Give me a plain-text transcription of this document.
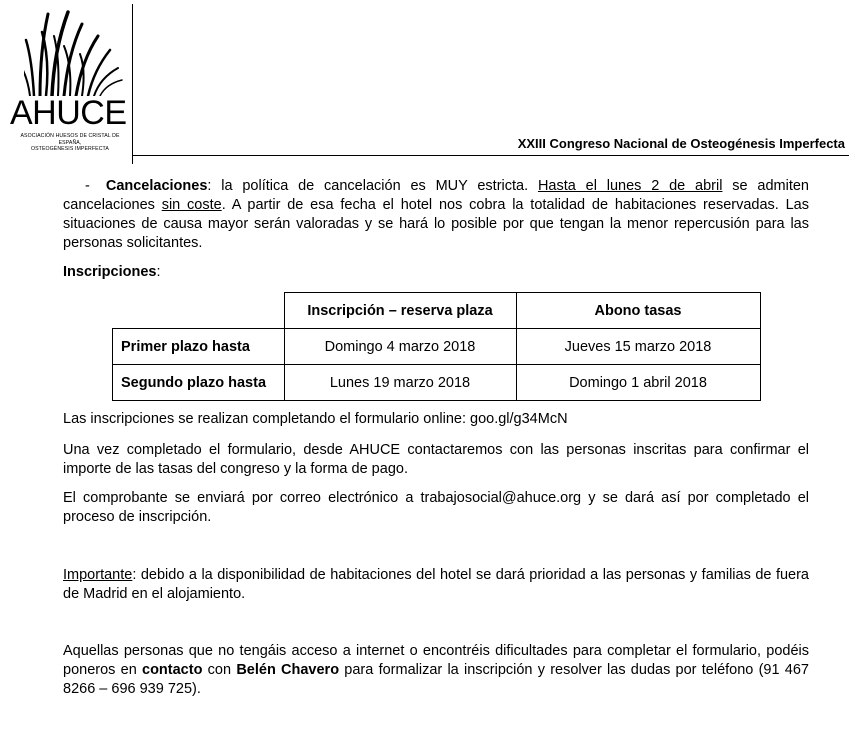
AHUCE
ASOCIACIÓN HUESOS DE CRISTAL DE ESPAÑA,
OSTEOGÉNESIS IMPERFECTA	XXIII Congreso Nacional de Osteogénesis Imperfecta
- Cancelaciones: la política de cancelación es MUY estricta. Hasta el lunes 2 de abril se admiten cancelaciones sin coste. A partir de esa fecha el hotel nos cobra la totalidad de habitaciones reservadas. Las situaciones de causa mayor serán valoradas y se hará lo posible por que tengan la menor repercusión para las personas solicitantes.
Inscripciones:
	Inscripción – reserva plaza	Abono tasas
Primer plazo hasta	Domingo 4 marzo 2018	Jueves 15 marzo 2018
Segundo plazo hasta	Lunes 19 marzo 2018	Domingo 1 abril 2018
Las inscripciones se realizan completando el formulario online: goo.gl/g34McN
Una vez completado el formulario, desde AHUCE contactaremos con las personas inscritas para confirmar el importe de las tasas del congreso y la forma de pago.
El comprobante se enviará por correo electrónico a trabajosocial@ahuce.org y se dará así por completado el proceso de inscripción.
Importante: debido a la disponibilidad de habitaciones del hotel se dará prioridad a las personas y familias de fuera de Madrid en el alojamiento.
Aquellas personas que no tengáis acceso a internet o encontréis dificultades para completar el formulario, podéis poneros en contacto con Belén Chavero para formalizar la inscripción y resolver las dudas por teléfono (91 467 8266 – 696 939 725).
